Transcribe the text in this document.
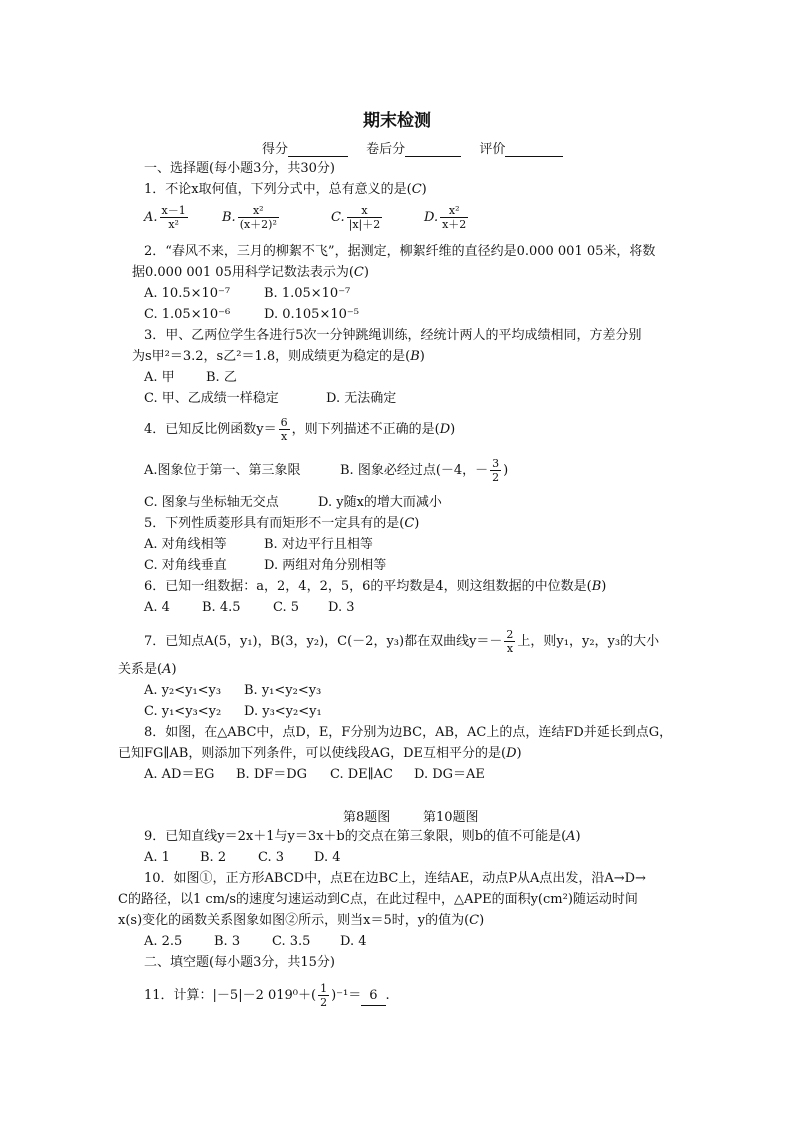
期末检测
得分	卷后分	评价
一、选择题(每小题3分，共30分)
1．不论x取何值，下列分式中，总有意义的是(C)
A. $\frac{x-1}{\text{x²}}$	B. $\frac{\text{x²}}{\text{(x＋2)²}}$	C. $\frac{x}{|x|+2}$	D. $\frac{\text{x²}}{x+2}$
2．“春风不来，三月的柳絮不飞”，据测定，柳絮纤维的直径约是0.000 001 05米，将数
据0.000 001 05用科学记数法表示为(C)
A. 10.5×10⁻⁷	B. 1.05×10⁻⁷
C. 1.05×10⁻⁶	D. 0.105×10⁻⁵
3．甲、乙两位学生各进行5次一分钟跳绳训练，经统计两人的平均成绩相同，方差分别
为s甲²＝3.2，s乙²＝1.8，则成绩更为稳定的是(B)
A. 甲 B. 乙
C. 甲、乙成绩一样稳定	D. 无法确定
4．已知反比例函数$y= \frac{6}{x}$ ，则下列描述不正确的是(D)
A.图象位于第一、第三象限	B. 图象必经过点(－4，－ $\frac{3}{2}$ )
C. 图象与坐标轴无交点	D. y随x的增大而减小
5．下列性质菱形具有而矩形不一定具有的是(C)
A. 对角线相等	B. 对边平行且相等
C. 对角线垂直	D. 两组对角分别相等
6．已知一组数据：a，2，4，2，5，6的平均数是4，则这组数据的中位数是(B)
A. 4 B. 4.5	C. 5 D. 3
7．已知点A(5，y₁)，B(3，y₂)，C(－2，y₃)都在双曲线$y=- \frac{2}{x}$ 上，则y₁，y₂，y₃的大小
关系是(A)
A. y₂<y₁<y₃ B. y₁<y₂<y₃
C. y₁<y₃<y₂ D. y₃<y₂<y₁
8．如图，在△ABC中，点D，E，F分别为边BC，AB，AC上的点，连结FD并延长到点G，
已知FG∥AB，则添加下列条件，可以使线段AG，DE互相平分的是(D)
A. AD＝EG B. DF＝DG C. DE∥AC D. DG＝AE
第8题图	第10题图
9．已知直线y＝2x＋1与y＝3x＋b的交点在第三象限，则b的值不可能是(A)
A. 1 B. 2 C. 3 D. 4
10．如图①，正方形ABCD中，点E在边BC上，连结AE，动点P从A点出发，沿A→D→
C的路径，以1 cm/s的速度匀速运动到C点，在此过程中，△APE的面积y(cm²)随运动时间
x(s)变化的函数关系图象如图②所示，则当x＝5时，y的值为(C)
A. 2.5 B. 3 C. 3.5 D. 4
二、填空题(每小题3分，共15分)
11．计算：|－5|－2 $019^0+( \frac{1}{2} )^{-1}= 6$ .
